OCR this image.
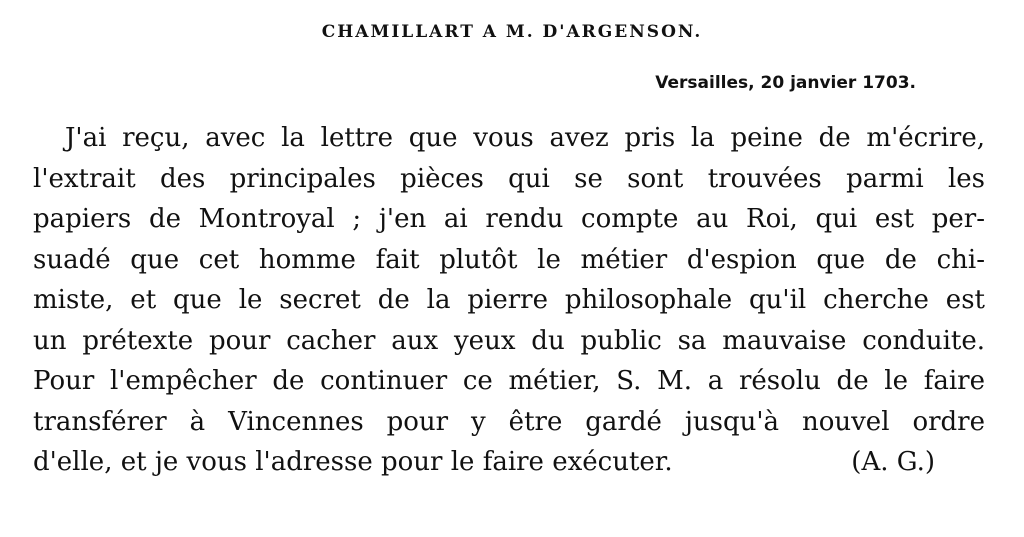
CHAMILLART A M. D'ARGENSON.
Versailles, 20 janvier 1703.
J'ai reçu, avec la lettre que vous avez pris la peine de m'écrire,
l'extrait des principales pièces qui se sont trouvées parmi les
papiers de Montroyal ; j'en ai rendu compte au Roi, qui est per-
suadé que cet homme fait plutôt le métier d'espion que de chi-
miste, et que le secret de la pierre philosophale qu'il cherche est
un prétexte pour cacher aux yeux du public sa mauvaise conduite.
Pour l'empêcher de continuer ce métier, S. M. a résolu de le faire
transférer à Vincennes pour y être gardé jusqu'à nouvel ordre
d'elle, et je vous l'adresse pour le faire exécuter.	(A. G.)
